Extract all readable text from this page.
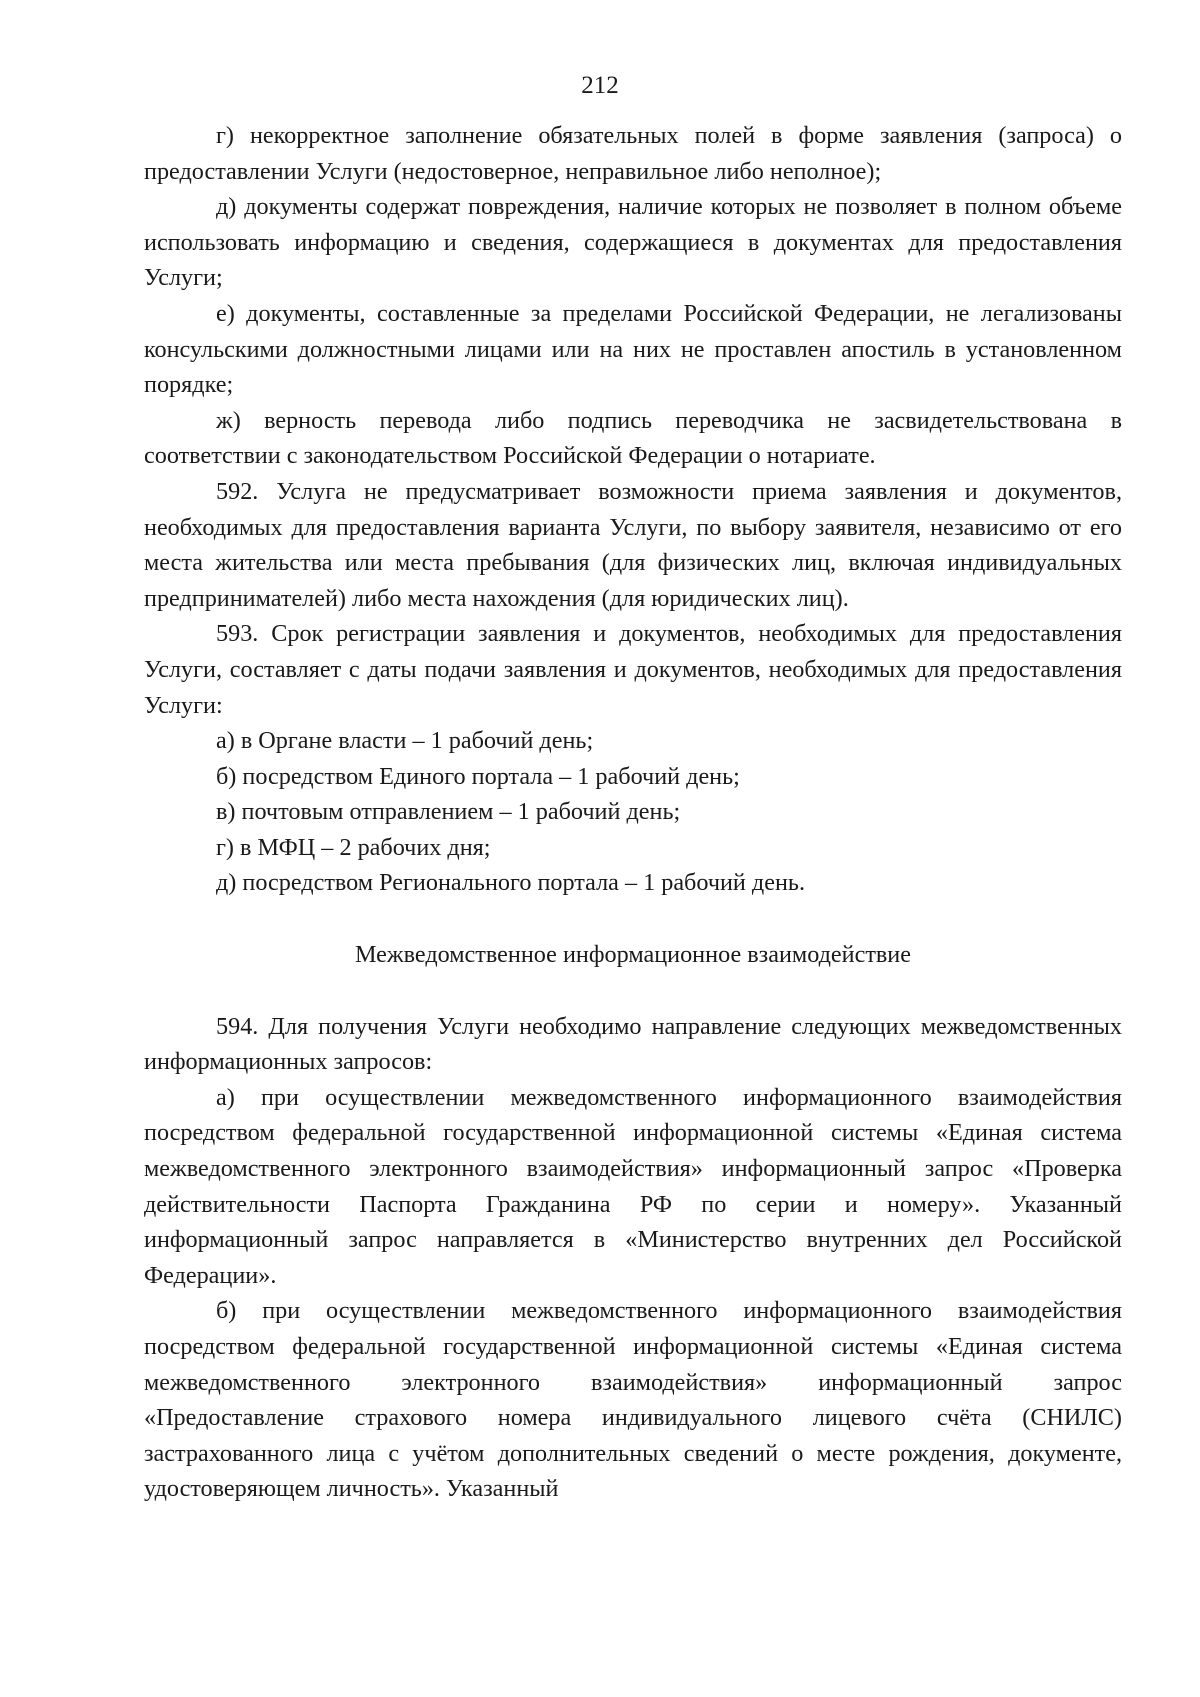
212

г) некорректное заполнение обязательных полей в форме заявления (запроса) о предоставлении Услуги (недостоверное, неправильное либо неполное);

д) документы содержат повреждения, наличие которых не позволяет в полном объеме использовать информацию и сведения, содержащиеся в документах для предоставления Услуги;

е) документы, составленные за пределами Российской Федерации, не легализованы консульскими должностными лицами или на них не проставлен апостиль в установленном порядке;

ж) верность перевода либо подпись переводчика не засвидетельствована в соответствии с законодательством Российской Федерации о нотариате.

592. Услуга не предусматривает возможности приема заявления и документов, необходимых для предоставления варианта Услуги, по выбору заявителя, независимо от его места жительства или места пребывания (для физических лиц, включая индивидуальных предпринимателей) либо места нахождения (для юридических лиц).

593. Срок регистрации заявления и документов, необходимых для предоставления Услуги, составляет с даты подачи заявления и документов, необходимых для предоставления Услуги:

а) в Органе власти – 1 рабочий день;

б) посредством Единого портала – 1 рабочий день;

в) почтовым отправлением – 1 рабочий день;

г) в МФЦ – 2 рабочих дня;

д) посредством Регионального портала – 1 рабочий день.

Межведомственное информационное взаимодействие

594. Для получения Услуги необходимо направление следующих межведомственных информационных запросов:

а) при осуществлении межведомственного информационного взаимодействия посредством федеральной государственной информационной системы «Единая система межведомственного электронного взаимодействия» информационный запрос «Проверка действительности Паспорта Гражданина РФ по серии и номеру». Указанный информационный запрос направляется в «Министерство внутренних дел Российской Федерации».

б) при осуществлении межведомственного информационного взаимодействия посредством федеральной государственной информационной системы «Единая система межведомственного электронного взаимодействия» информационный запрос «Предоставление страхового номера индивидуального лицевого счёта (СНИЛС) застрахованного лица с учётом дополнительных сведений о месте рождения, документе, удостоверяющем личность». Указанный
